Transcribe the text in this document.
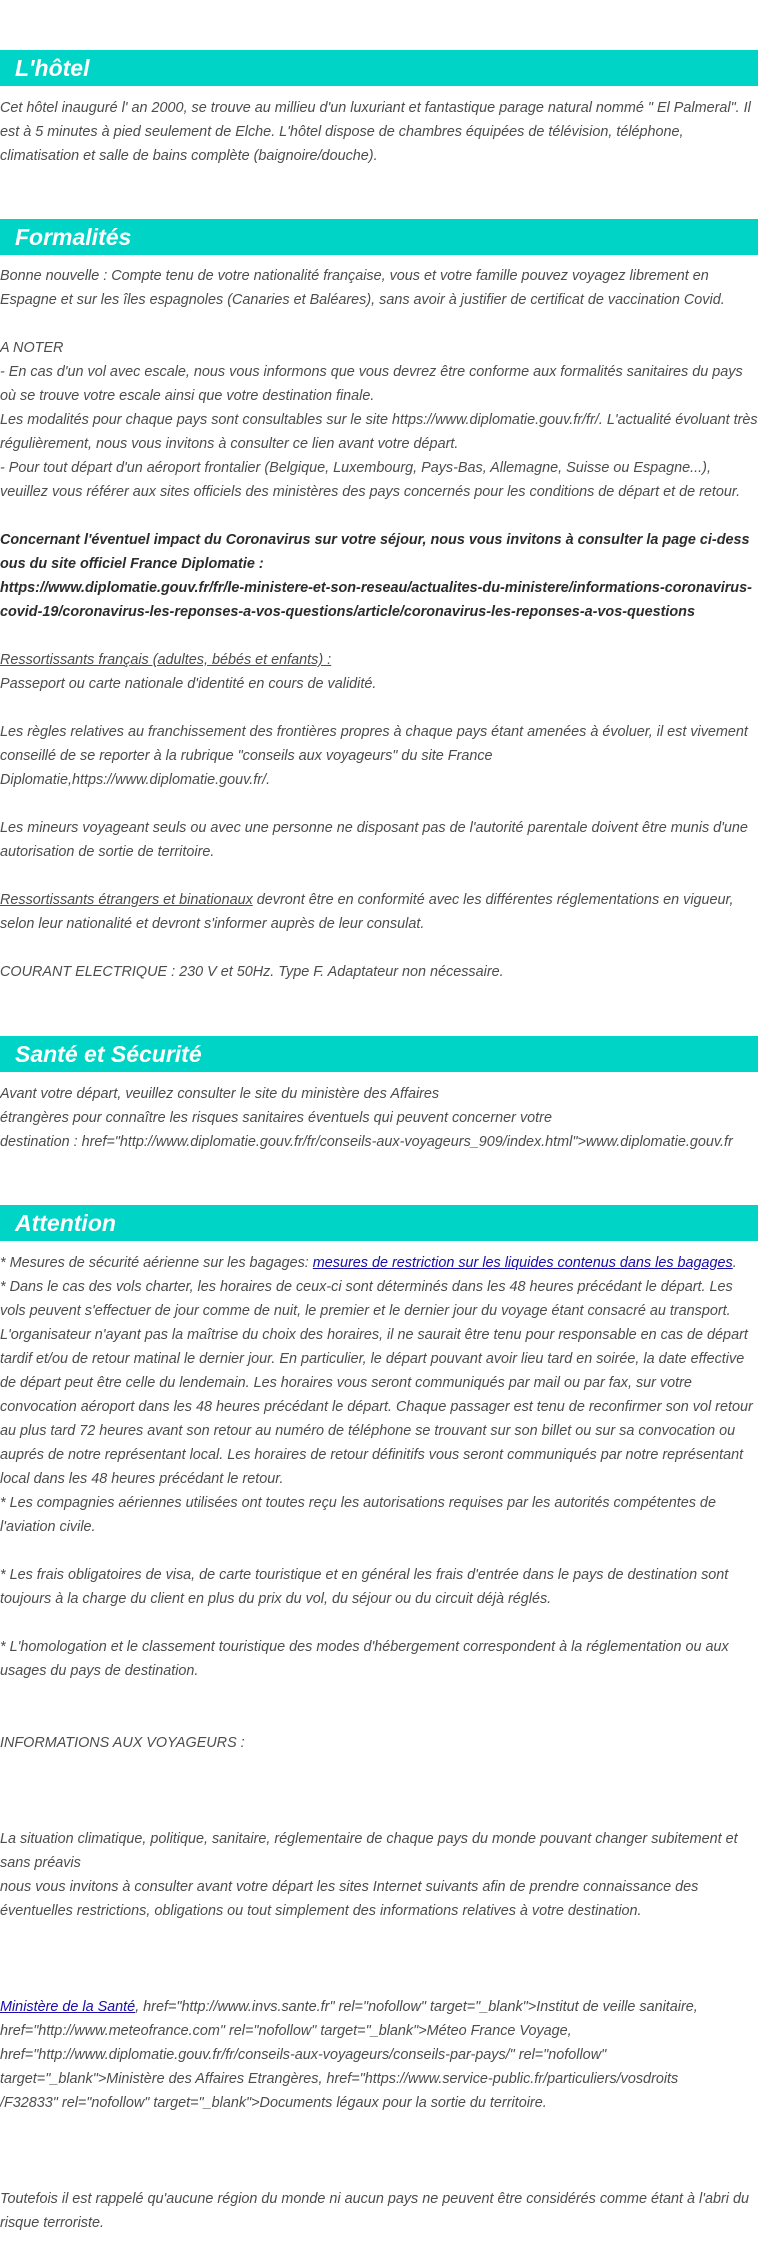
L'hôtel

Cet hôtel inauguré l' an 2000, se trouve au millieu d'un luxuriant et fantastique parage natural nommé " El Palmeral". Il est à 5 minutes à pied seulement de Elche. L'hôtel dispose de chambres équipées de télévision, téléphone, climatisation et salle de bains complète (baignoire/douche).

Formalités

Bonne nouvelle : Compte tenu de votre nationalité française, vous et votre famille pouvez voyagez librement en Espagne et sur les îles espagnoles (Canaries et Baléares), sans avoir à justifier de certificat de vaccination Covid.

A NOTER

- En cas d'un vol avec escale, nous vous informons que vous devrez être conforme aux formalités sanitaires du pays où se trouve votre escale ainsi que votre destination finale.

Les modalités pour chaque pays sont consultables sur le site https://www.diplomatie.gouv.fr/fr/. L'actualité évoluant très régulièrement, nous vous invitons à consulter ce lien avant votre départ.

- Pour tout départ d'un aéroport frontalier (Belgique, Luxembourg, Pays-Bas, Allemagne, Suisse ou Espagne...), veuillez vous référer aux sites officiels des ministères des pays concernés pour les conditions de départ et de retour.

Concernant l'éventuel impact du Coronavirus sur votre séjour, nous vous invitons à consulter la page ci-dessous du site officiel France Diplomatie :

https://www.diplomatie.gouv.fr/fr/le-ministere-et-son-reseau/actualites-du-ministere/informations-coronavirus-covid-19/coronavirus-les-reponses-a-vos-questions/article/coronavirus-les-reponses-a-vos-questions

Ressortissants français (adultes, bébés et enfants) :

Passeport ou carte nationale d'identité en cours de validité.

Les règles relatives au franchissement des frontières propres à chaque pays étant amenées à évoluer, il est vivement conseillé de se reporter à la rubrique "conseils aux voyageurs" du site France Diplomatie,https://www.diplomatie.gouv.fr/.

Les mineurs voyageant seuls ou avec une personne ne disposant pas de l'autorité parentale doivent être munis d'une autorisation de sortie de territoire.

Ressortissants étrangers et binationaux devront être en conformité avec les différentes réglementations en vigueur, selon leur nationalité et devront s'informer auprès de leur consulat.

COURANT ELECTRIQUE : 230 V et 50Hz. Type F. Adaptateur non nécessaire.

Santé et Sécurité

Avant votre départ, veuillez consulter le site du ministère des Affaires

étrangères pour connaître les risques sanitaires éventuels qui peuvent concerner votre

destination : href="http://www.diplomatie.gouv.fr/fr/conseils-aux-voyageurs_909/index.html">www.diplomatie.gouv.fr

Attention

* Mesures de sécurité aérienne sur les bagages: mesures de restriction sur les liquides contenus dans les bagages.

* Dans le cas des vols charter, les horaires de ceux-ci sont déterminés dans les 48 heures précédant le départ. Les vols peuvent s'effectuer de jour comme de nuit, le premier et le dernier jour du voyage étant consacré au transport. L'organisateur n'ayant pas la maîtrise du choix des horaires, il ne saurait être tenu pour responsable en cas de départ tardif et/ou de retour matinal le dernier jour. En particulier, le départ pouvant avoir lieu tard en soirée, la date effective de départ peut être celle du lendemain. Les horaires vous seront communiqués par mail ou par fax, sur votre convocation aéroport dans les 48 heures précédant le départ. Chaque passager est tenu de reconfirmer son vol retour au plus tard 72 heures avant son retour au numéro de téléphone se trouvant sur son billet ou sur sa convocation ou auprés de notre représentant local. Les horaires de retour définitifs vous seront communiqués par notre représentant local dans les 48 heures précédant le retour.

* Les compagnies aériennes utilisées ont toutes reçu les autorisations requises par les autorités compétentes de l'aviation civile.

* Les frais obligatoires de visa, de carte touristique et en général les frais d'entrée dans le pays de destination sont toujours à la charge du client en plus du prix du vol, du séjour ou du circuit déjà réglés.

* L'homologation et le classement touristique des modes d'hébergement correspondent à la réglementation ou aux usages du pays de destination.

INFORMATIONS AUX VOYAGEURS :

La situation climatique, politique, sanitaire, réglementaire de chaque pays du monde pouvant changer subitement et sans préavis

nous vous invitons à consulter avant votre départ les sites Internet suivants afin de prendre connaissance des éventuelles restrictions, obligations ou tout simplement des informations relatives à votre destination.

Ministère de la Santé, href="http://www.invs.sante.fr" rel="nofollow" target="_blank">Institut de veille sanitaire,

href="http://www.meteofrance.com" rel="nofollow" target="_blank">Méteo France Voyage,

href="http://www.diplomatie.gouv.fr/fr/conseils-aux-voyageurs/conseils-par-pays/" rel="nofollow"

target="_blank">Ministère des Affaires Etrangères, href="https://www.service-public.fr/particuliers/vosdroits

/F32833" rel="nofollow" target="_blank">Documents légaux pour la sortie du territoire.

Toutefois il est rappelé qu'aucune région du monde ni aucun pays ne peuvent être considérés comme étant à l'abri du risque terroriste.
